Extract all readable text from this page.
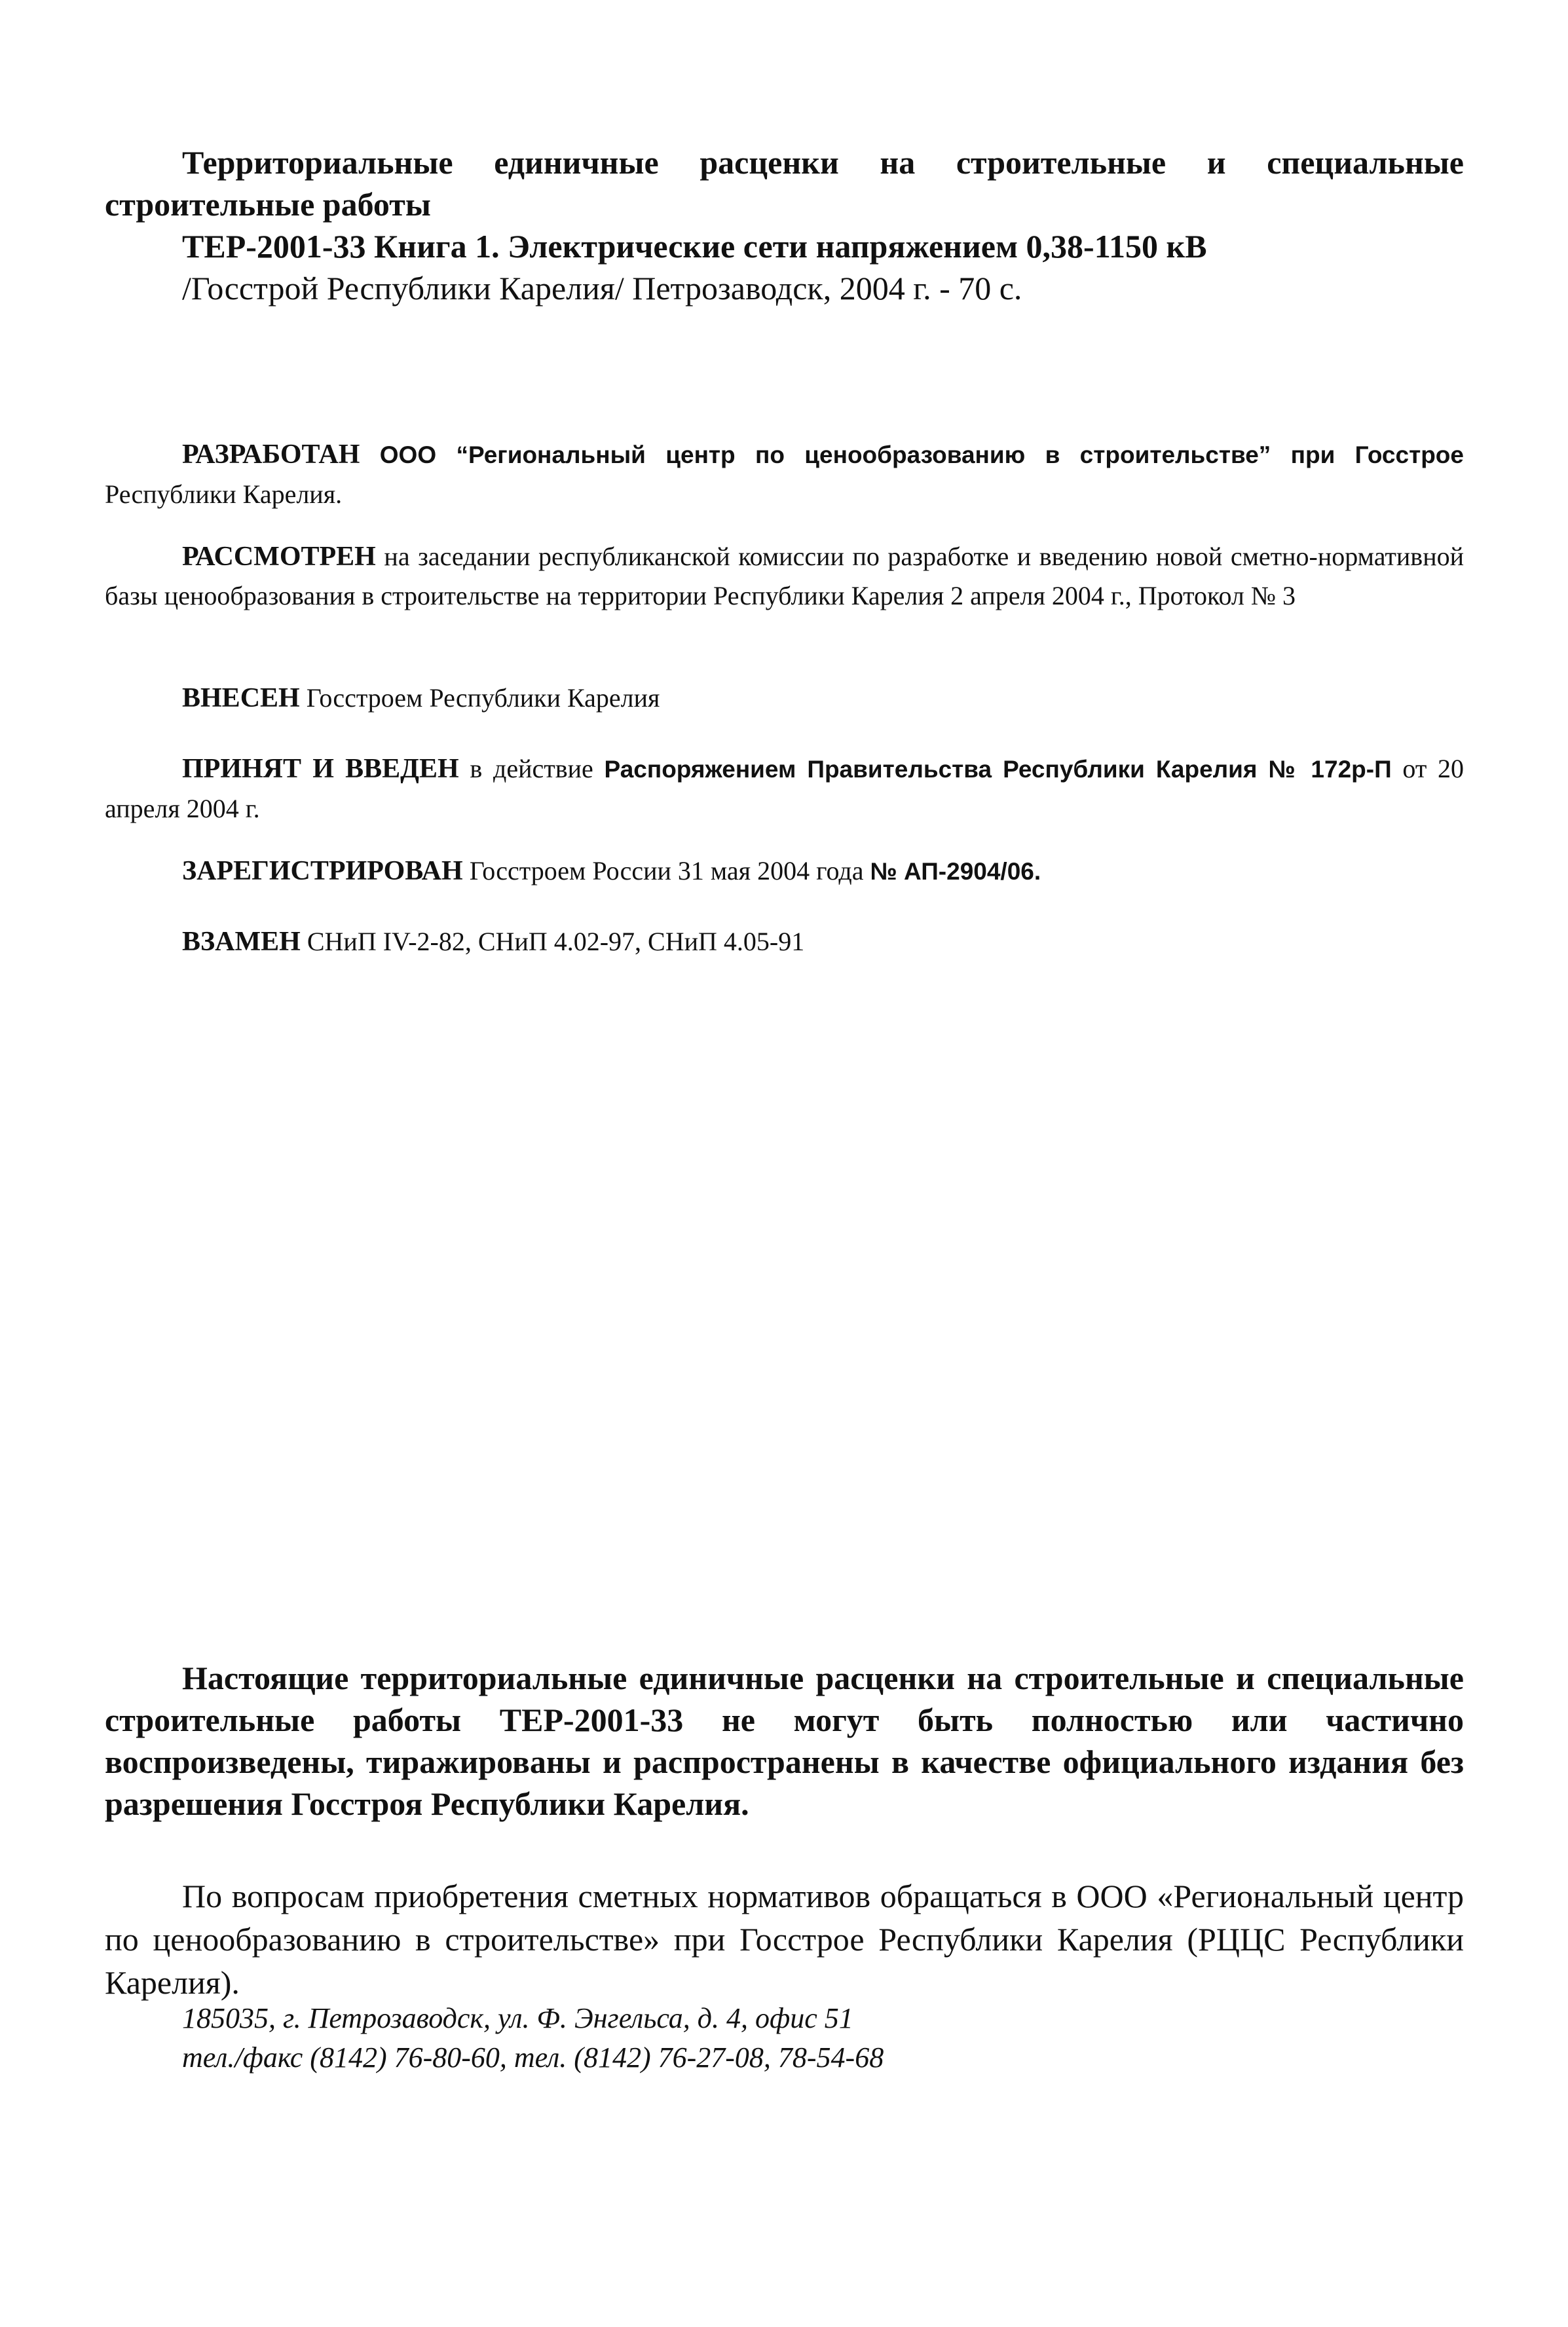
Территориальные единичные расценки на строительные и специальные строительные работы
ТЕР-2001-33 Книга 1. Электрические сети напряжением 0,38-1150 кВ
/Госстрой Республики Карелия/ Петрозаводск, 2004 г. - 70 с.
РАЗРАБОТАН ООО “Региональный центр по ценообразованию в строительстве” при Госстрое Республики Карелия.
РАССМОТРЕН на заседании республиканской комиссии по разработке и введению новой сметно-нормативной базы ценообразования в строительстве на территории Республики Карелия 2 апреля 2004 г., Протокол № 3
ВНЕСЕН Госстроем Республики Карелия
ПРИНЯТ И ВВЕДЕН в действие Распоряжением Правительства Республики Карелия № 172р-П от 20 апреля 2004 г.
ЗАРЕГИСТРИРОВАН Госстроем России 31 мая 2004 года № АП-2904/06.
ВЗАМЕН СНиП IV-2-82, СНиП 4.02-97, СНиП 4.05-91
Настоящие территориальные единичные расценки на строительные и специальные строительные работы ТЕР-2001-33 не могут быть полностью или частично воспроизведены, тиражированы и распространены в качестве официального издания без разрешения Госстроя Республики Карелия.
По вопросам приобретения сметных нормативов обращаться в ООО «Региональный центр по ценообразованию в строительстве» при Госстрое Республики Карелия (РЦЦС Республики Карелия).
185035, г. Петрозаводск, ул. Ф. Энгельса, д. 4, офис 51
тел./факс (8142) 76-80-60, тел. (8142) 76-27-08, 78-54-68
